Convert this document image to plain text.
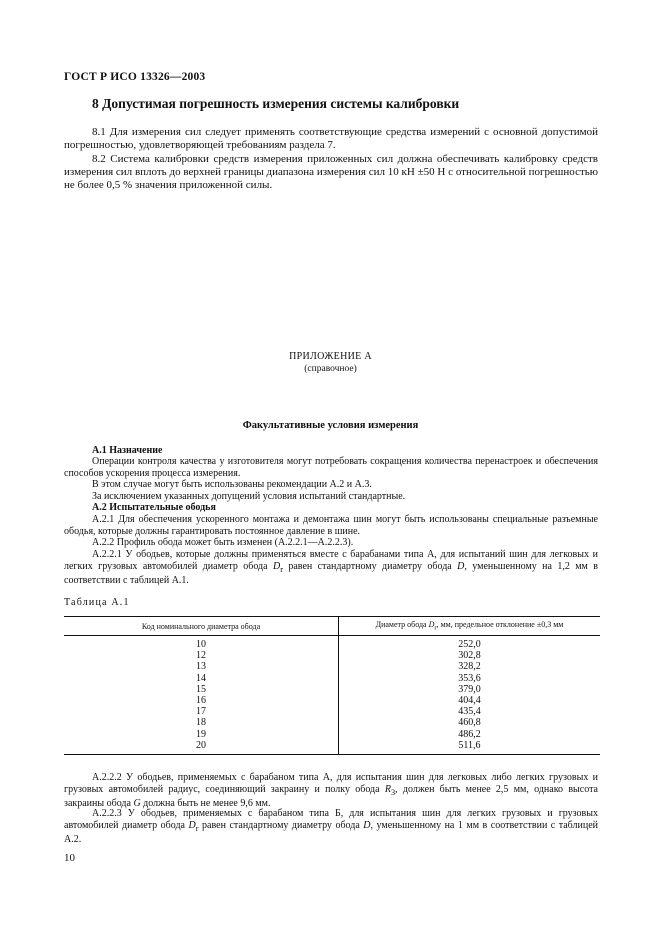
ГОСТ Р ИСО 13326—2003
8 Допустимая погрешность измерения системы калибровки
8.1 Для измерения сил следует применять соответствующие средства измерений с основной допустимой погрешностью, удовлетворяющей требованиям раздела 7.
8.2 Система калибровки средств измерения приложенных сил должна обеспечивать калибровку средств измерения сил вплоть до верхней границы диапазона измерения сил 10 кН ±50 Н с относительной погрешностью не более 0,5 % значения приложенной силы.
ПРИЛОЖЕНИЕ А
(справочное)
Факультативные условия измерения
А.1 Назначение
Операции контроля качества у изготовителя могут потребовать сокращения количества перенастроек и обеспечения способов ускорения процесса измерения.
В этом случае могут быть использованы рекомендации А.2 и А.3.
За исключением указанных допущений условия испытаний стандартные.
А.2 Испытательные ободья
А.2.1 Для обеспечения ускоренного монтажа и демонтажа шин могут быть использованы специальные разъемные ободья, которые должны гарантировать постоянное давление в шине.
А.2.2 Профиль обода может быть изменен (А.2.2.1—А.2.2.3).
А.2.2.1 У ободьев, которые должны применяться вместе с барабанами типа А, для испытаний шин для легковых и легких грузовых автомобилей диаметр обода $D_r$ равен стандартному диаметру обода D, уменьшенному на 1,2 мм в соответствии с таблицей А.1.
Таблица А.1
Код номинального диаметра обода	Диаметр обода $D_r$, мм, предельное отклонение ±0,3 мм
10	252,0
12	302,8
13	328,2
14	353,6
15	379,0
16	404,4
17	435,4
18	460,8
19	486,2
20	511,6
А.2.2.2 У ободьев, применяемых с барабаном типа А, для испытания шин для легковых либо легких грузовых и грузовых автомобилей радиус, соединяющий закраину и полку обода $R_3$, должен быть менее 2,5 мм, однако высота закраины обода G должна быть не менее 9,6 мм.
А.2.2.3 У ободьев, применяемых с барабаном типа Б, для испытания шин для легких грузовых и грузовых автомобилей диаметр обода $D_r$ равен стандартному диаметру обода D, уменьшенному на 1 мм в соответствии с таблицей А.2.
10
